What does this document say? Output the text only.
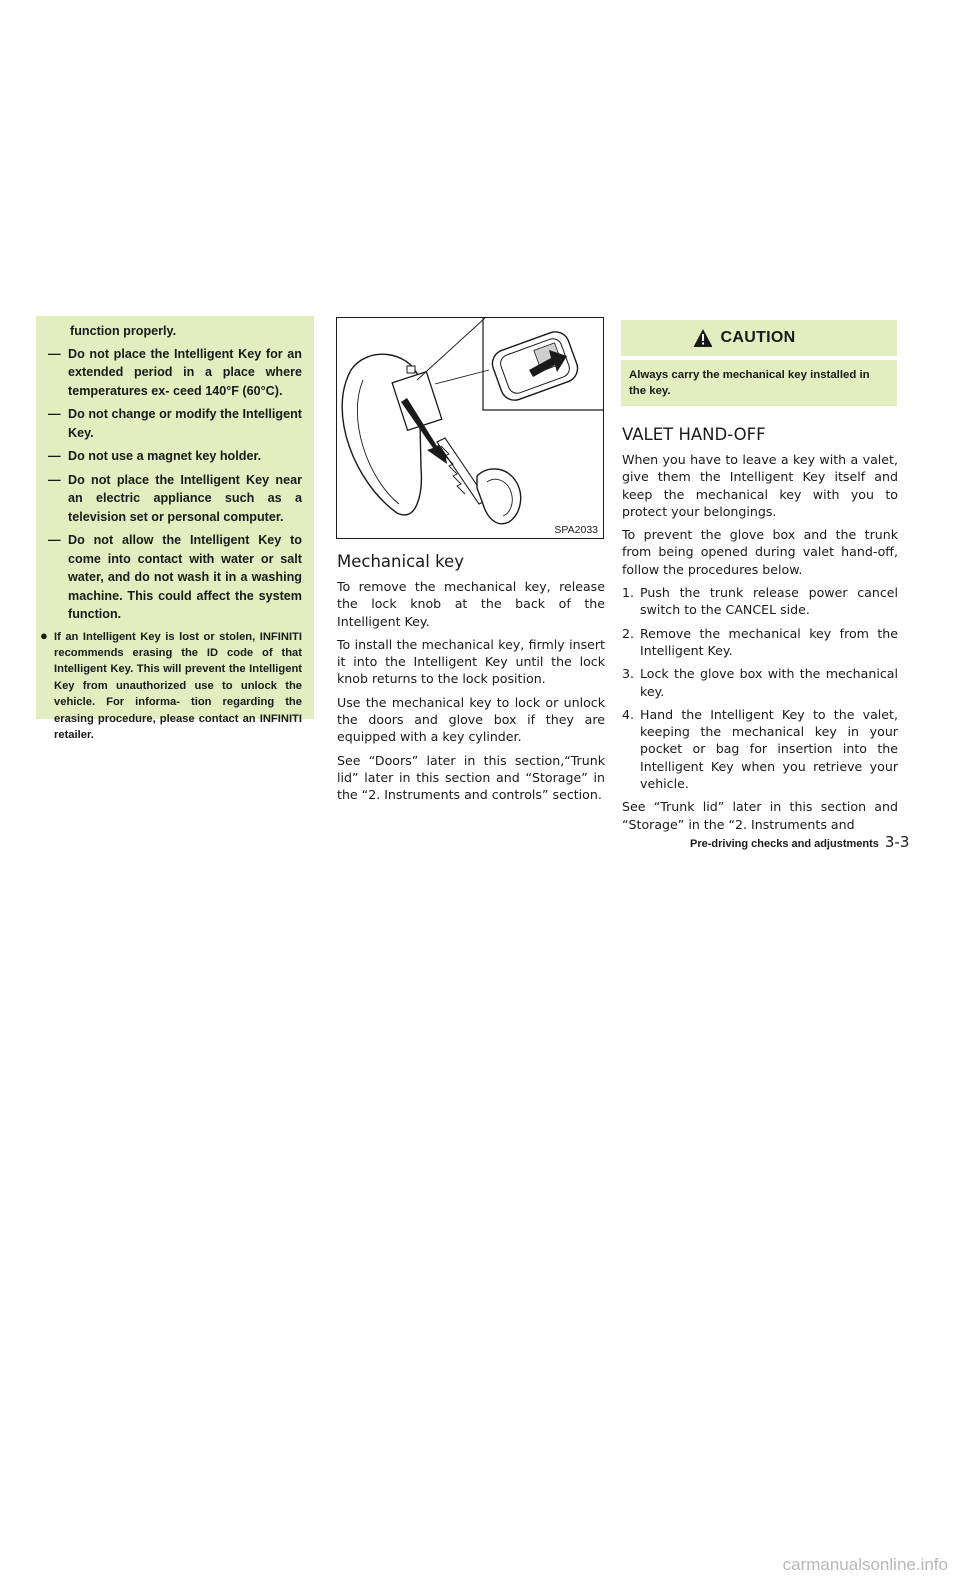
function properly.
— Do not place the Intelligent Key for an extended period in a place where temperatures ex- ceed 140°F (60°C).
— Do not change or modify the Intelligent Key.
— Do not use a magnet key holder.
— Do not place the Intelligent Key near an electric appliance such as a television set or personal computer.
— Do not allow the Intelligent Key to come into contact with water or salt water, and do not wash it in a washing machine. This could affect the system function.
● If an Intelligent Key is lost or stolen, INFINITI recommends erasing the ID code of that Intelligent Key. This will prevent the Intelligent Key from unauthorized use to unlock the vehicle. For informa- tion regarding the erasing procedure, please contact an INFINITI retailer.
SPA2033
Mechanical key

To remove the mechanical key, release the lock knob at the back of the Intelligent Key.

To install the mechanical key, firmly insert it into the Intelligent Key until the lock knob returns to the lock position.

Use the mechanical key to lock or unlock the doors and glove box if they are equipped with a key cylinder.

See “Doors” later in this section,“Trunk lid” later in this section and “Storage” in the “2. Instruments and controls” section.

CAUTION
Always carry the mechanical key installed in the key.
VALET HAND-OFF

When you have to leave a key with a valet, give them the Intelligent Key itself and keep the mechanical key with you to protect your belongings.

To prevent the glove box and the trunk from being opened during valet hand-off, follow the procedures below.

1. Push the trunk release power cancel switch to the CANCEL side.
2. Remove the mechanical key from the Intelligent Key.
3. Lock the glove box with the mechanical key.
4. Hand the Intelligent Key to the valet, keeping the mechanical key in your pocket or bag for insertion into the Intelligent Key when you retrieve your vehicle.

See “Trunk lid” later in this section and “Storage” in the “2. Instruments and

Pre-driving checks and adjustments 3-3
carmanualsonline.info
